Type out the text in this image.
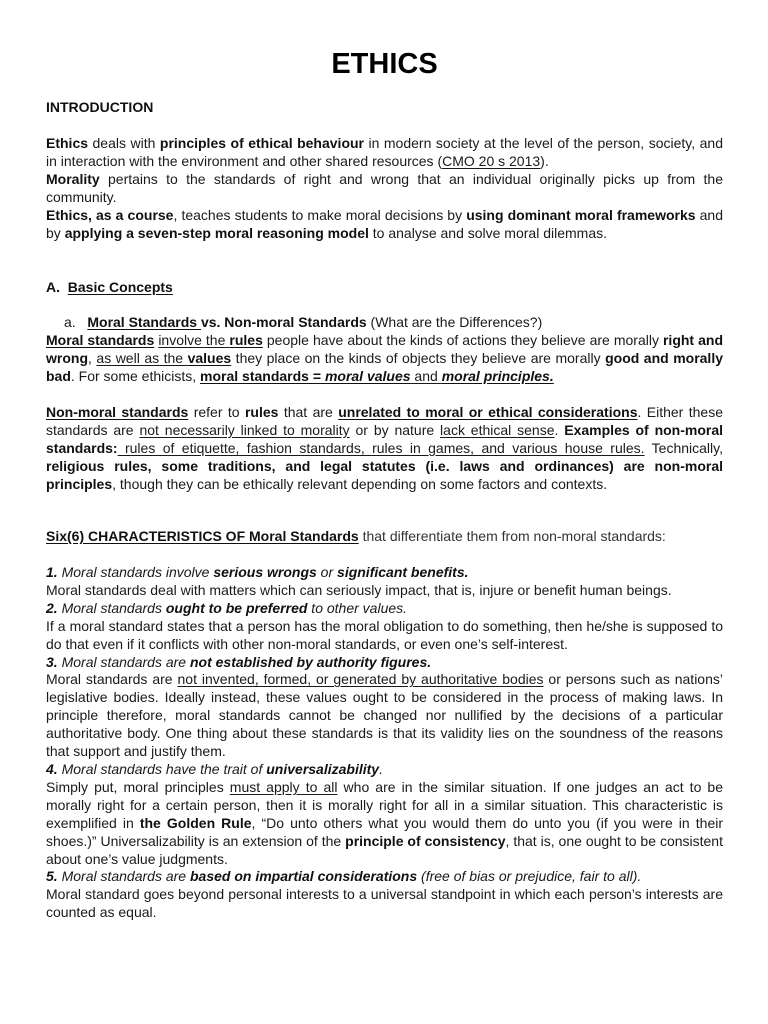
ETHICS

INTRODUCTION

Ethics deals with principles of ethical behaviour in modern society at the level of the person, society, and in interaction with the environment and other shared resources (CMO 20 s 2013).

Morality pertains to the standards of right and wrong that an individual originally picks up from the community.

Ethics, as a course, teaches students to make moral decisions by using dominant moral frameworks and by applying a seven-step moral reasoning model to analyse and solve moral dilemmas.

A. Basic Concepts

a. Moral Standards vs. Non-moral Standards (What are the Differences?)

Moral standards involve the rules people have about the kinds of actions they believe are morally right and wrong, as well as the values they place on the kinds of objects they believe are morally good and morally bad. For some ethicists, moral standards = moral values and moral principles.

Non-moral standards refer to rules that are unrelated to moral or ethical considerations. Either these standards are not necessarily linked to morality or by nature lack ethical sense. Examples of non-moral standards: rules of etiquette, fashion standards, rules in games, and various house rules. Technically, religious rules, some traditions, and legal statutes (i.e. laws and ordinances) are non-moral principles, though they can be ethically relevant depending on some factors and contexts.

Six(6) CHARACTERISTICS OF Moral Standards that differentiate them from non-moral standards:

1. Moral standards involve serious wrongs or significant benefits.

Moral standards deal with matters which can seriously impact, that is, injure or benefit human beings.

2. Moral standards ought to be preferred to other values.

If a moral standard states that a person has the moral obligation to do something, then he/she is supposed to do that even if it conflicts with other non-moral standards, or even one’s self-interest.

3. Moral standards are not established by authority figures.

Moral standards are not invented, formed, or generated by authoritative bodies or persons such as nations’ legislative bodies. Ideally instead, these values ought to be considered in the process of making laws. In principle therefore, moral standards cannot be changed nor nullified by the decisions of a particular authoritative body. One thing about these standards is that its validity lies on the soundness of the reasons that support and justify them.

4. Moral standards have the trait of universalizability.

Simply put, moral principles must apply to all who are in the similar situation. If one judges an act to be morally right for a certain person, then it is morally right for all in a similar situation. This characteristic is exemplified in the Golden Rule, “Do unto others what you would them do unto you (if you were in their shoes.)” Universalizability is an extension of the principle of consistency, that is, one ought to be consistent about one’s value judgments.

5. Moral standards are based on impartial considerations (free of bias or prejudice, fair to all).

Moral standard goes beyond personal interests to a universal standpoint in which each person’s interests are counted as equal.
